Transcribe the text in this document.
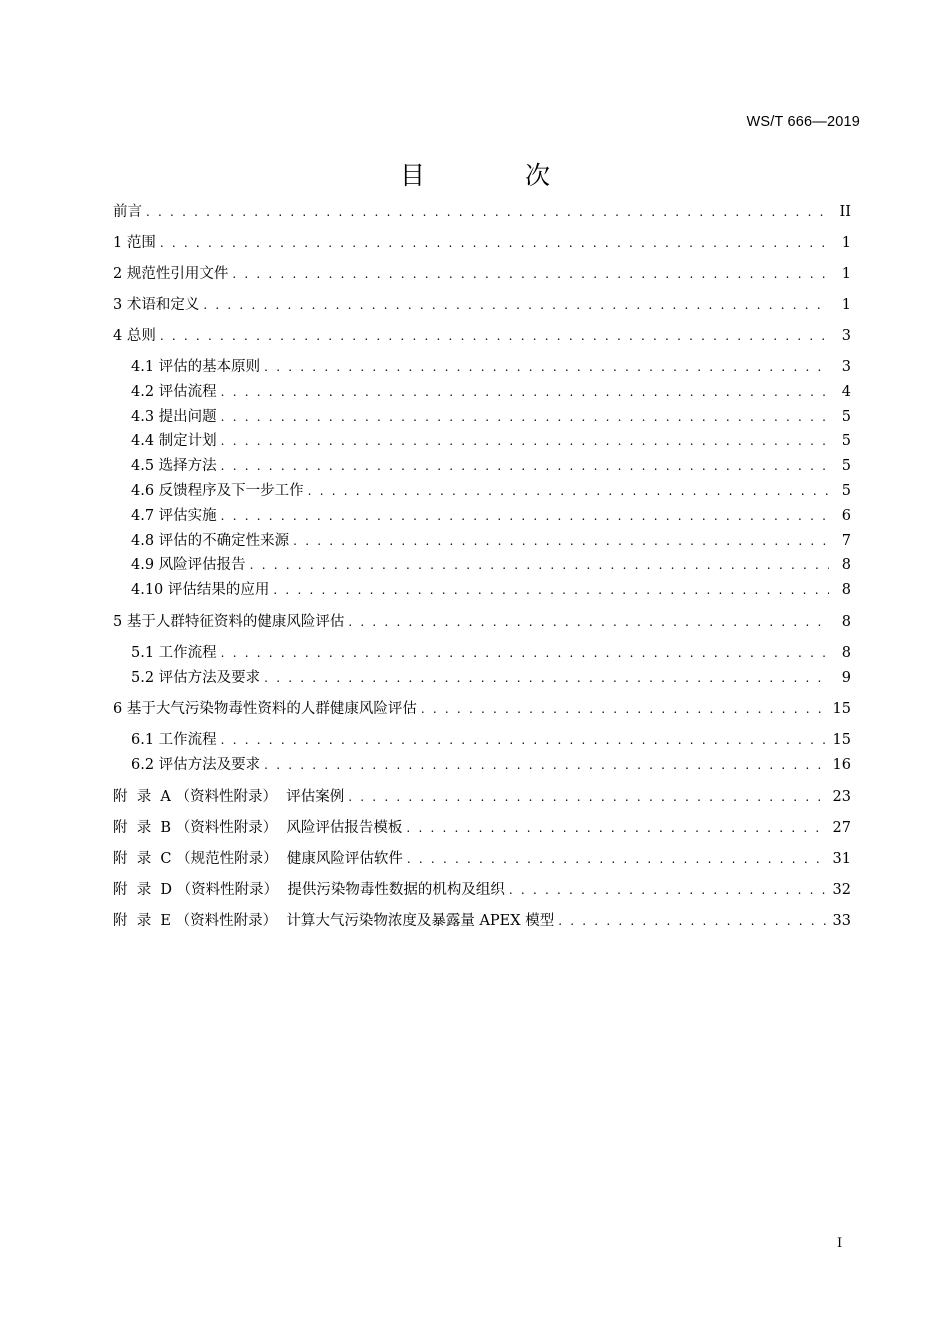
WS/T 666—2019
目 次
前言 . . .	II
1 范围 . . .	1
2 规范性引用文件 . . .	1
3 术语和定义 . . .	1
4 总则 . . .	3
4.1 评估的基本原则 . . .	3
4.2 评估流程 . . .	4
4.3 提出问题 . . .	5
4.4 制定计划 . . .	5
4.5 选择方法 . . .	5
4.6 反馈程序及下一步工作 . . .	5
4.7 评估实施 . . .	6
4.8 评估的不确定性来源 . . .	7
4.9 风险评估报告 . . .	8
4.10 评估结果的应用 . . .	8
5 基于人群特征资料的健康风险评估 . . .	8
5.1 工作流程 . . .	8
5.2 评估方法及要求 . . .	9
6 基于大气污染物毒性资料的人群健康风险评估 . . .	15
6.1 工作流程 . . .	15
6.2 评估方法及要求 . . .	16
附  录  A （资料性附录）  评估案例 . . .	23
附  录  B （资料性附录）  风险评估报告模板 . . .	27
附  录  C （规范性附录）  健康风险评估软件 . . .	31
附  录  D （资料性附录）  提供污染物毒性数据的机构及组织 . . .	32
附  录  E （资料性附录）  计算大气污染物浓度及暴露量 APEX 模型 . . .	33
I
